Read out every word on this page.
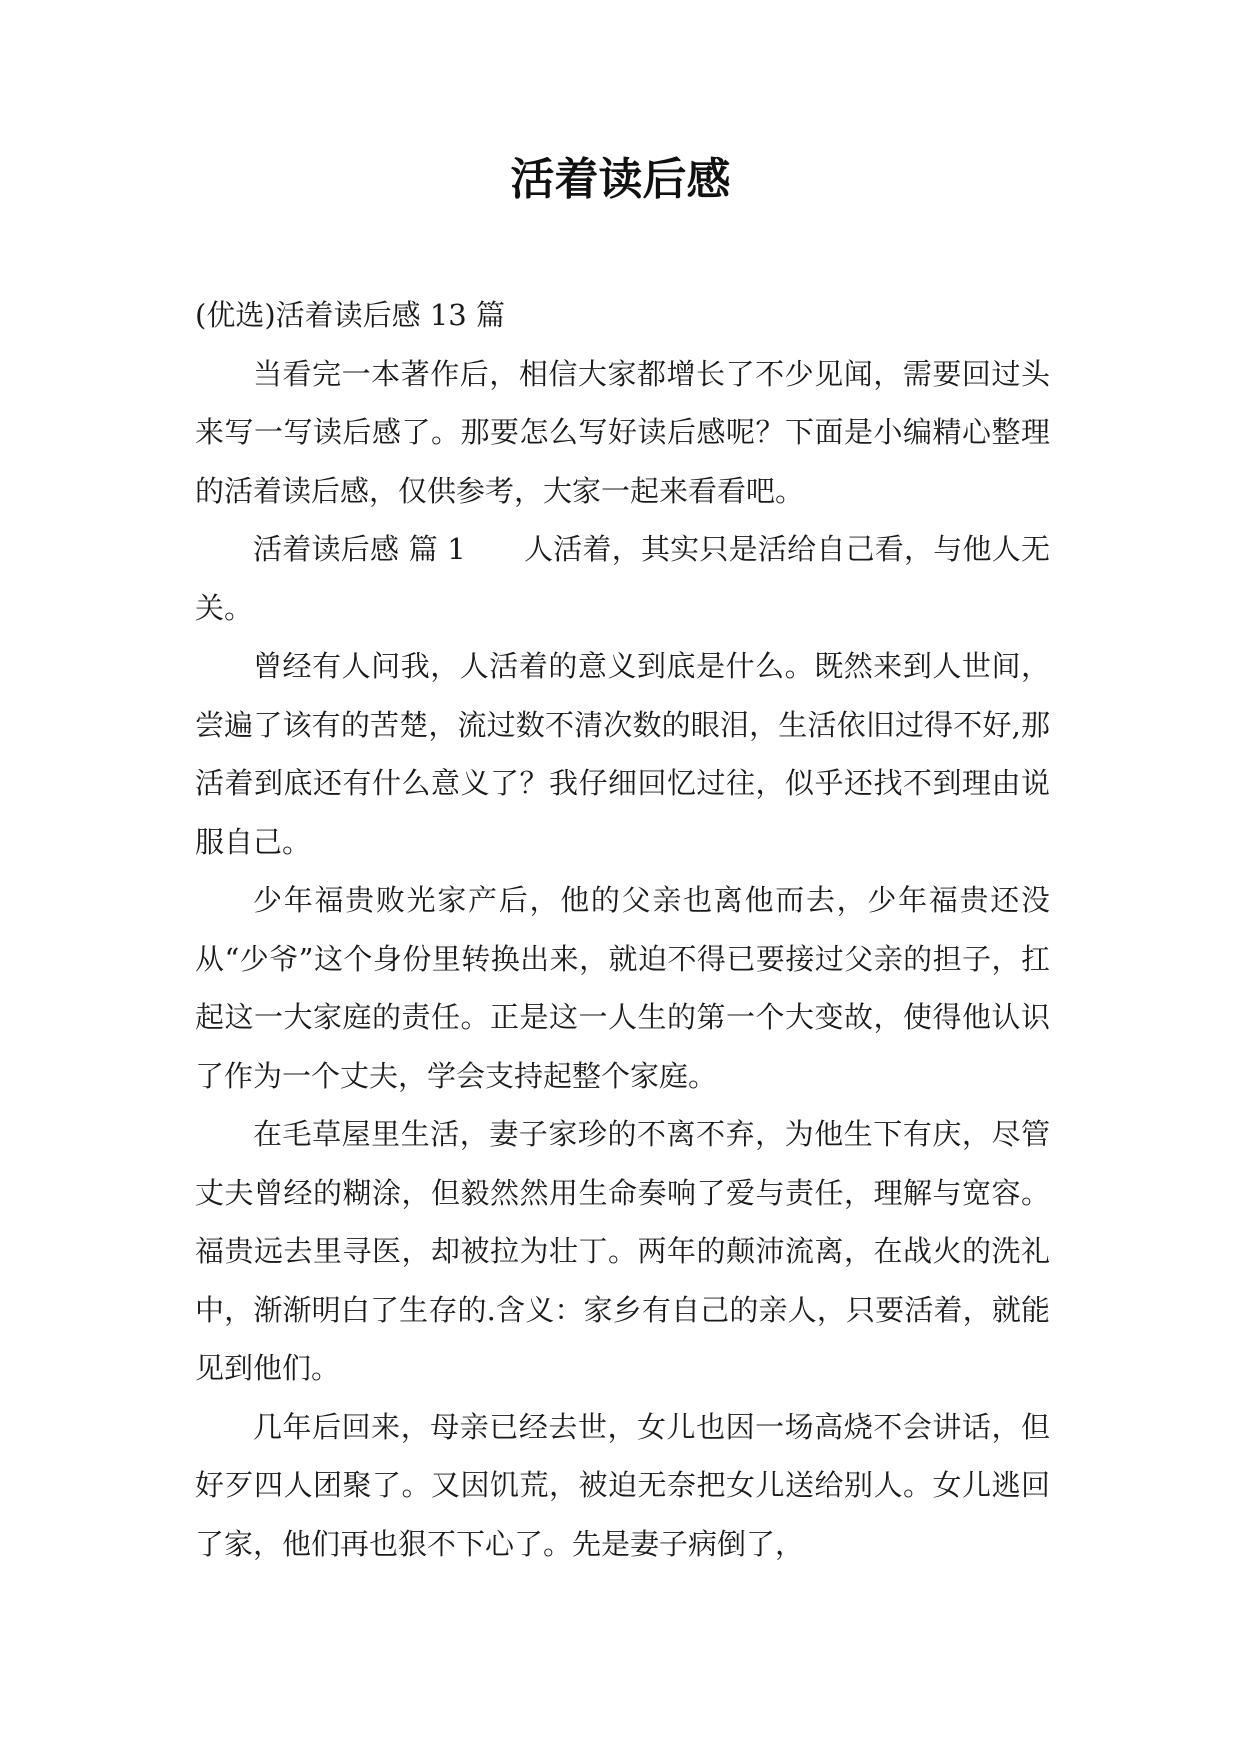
活着读后感

(优选)活着读后感 13 篇

当看完一本著作后，相信大家都增长了不少见闻，需要回过头来写一写读后感了。那要怎么写好读后感呢？下面是小编精心整理的活着读后感，仅供参考，大家一起来看看吧。

活着读后感 篇 1 人活着，其实只是活给自己看，与他人无关。

曾经有人问我，人活着的意义到底是什么。既然来到人世间，尝遍了该有的苦楚，流过数不清次数的眼泪，生活依旧过得不好,那活着到底还有什么意义了？我仔细回忆过往，似乎还找不到理由说服自己。

少年福贵败光家产后，他的父亲也离他而去，少年福贵还没从“少爷”这个身份里转换出来，就迫不得已要接过父亲的担子，扛起这一大家庭的责任。正是这一人生的第一个大变故，使得他认识了作为一个丈夫，学会支持起整个家庭。

在毛草屋里生活，妻子家珍的不离不弃，为他生下有庆，尽管丈夫曾经的糊涂，但毅然然用生命奏响了爱与责任，理解与宽容。福贵远去里寻医，却被拉为壮丁。两年的颠沛流离，在战火的洗礼中，渐渐明白了生存的.含义：家乡有自己的亲人，只要活着，就能见到他们。

几年后回来，母亲已经去世，女儿也因一场高烧不会讲话，但好歹四人团聚了。又因饥荒，被迫无奈把女儿送给别人。女儿逃回了家，他们再也狠不下心了。先是妻子病倒了，
